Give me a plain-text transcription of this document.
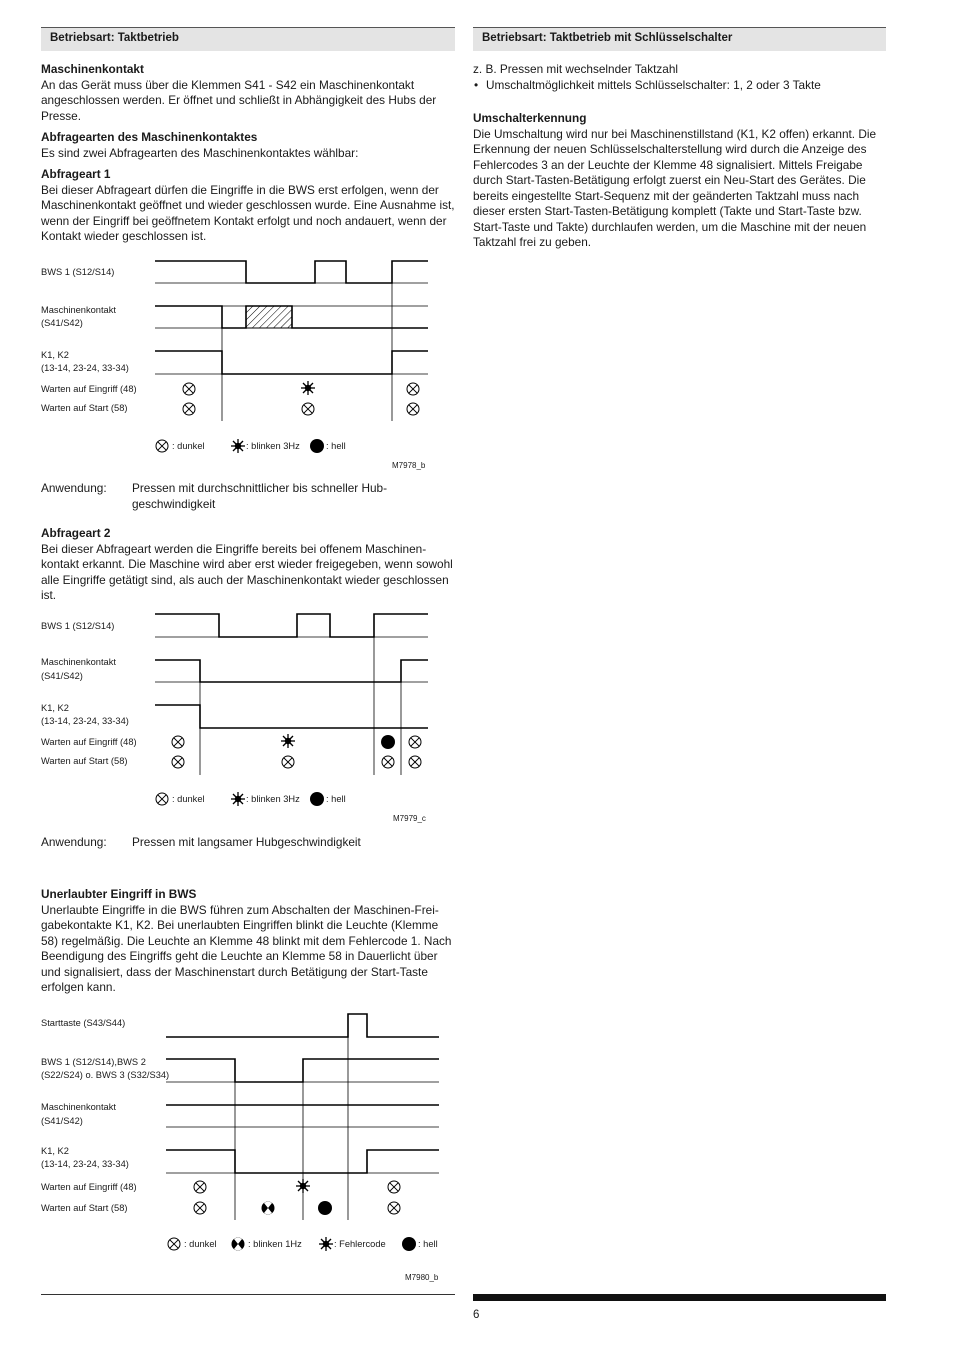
Betriebsart: Taktbetrieb

Maschinenkontakt

An das Gerät muss über die Klemmen S41 - S42 ein Maschinenkontakt angeschlossen werden. Er öffnet und schließt in Abhängigkeit des Hubs der Presse.

Abfragearten des Maschinenkontaktes

Es sind zwei Abfragearten des Maschinenkontaktes wählbar:

Abfrageart 1

Bei dieser Abfrageart dürfen die Eingriffe in die BWS erst erfolgen, wenn der Maschinenkontakt geöffnet und wieder geschlossen wurde. Eine Ausnahme ist, wenn der Eingriff bei geöffnetem Kontakt erfolgt und noch andauert, wenn der Kontakt wieder geschlossen ist.

BWS 1 (S12/S14)
Maschinenkontakt
(S41/S42)
K1, K2
(13-14, 23-24, 33-34)
Warten auf Eingriff (48)
Warten auf Start (58)
: dunkel	: blinken 3Hz	: hell
M7978_b
BWS 1 (S12/S14)
Maschinenkontakt
(S41/S42)
K1, K2
(13-14, 23-24, 33-34)
Warten auf Eingriff (48)
Warten auf Start (58)
: dunkel	: blinken 3Hz	: hell
M7979_c
Starttaste (S43/S44)
BWS 1 (S12/S14),BWS 2
(S22/S24) o. BWS 3 (S32/S34)
Maschinenkontakt
(S41/S42)
K1, K2
(13-14, 23-24, 33-34)
Warten auf Eingriff (48)
Warten auf Start (58)
: dunkel	: blinken 1Hz	: Fehlercode	: hell
M7980_b
Anwendung: Pressen mit durchschnittlicher bis schneller Hub-geschwindigkeit

Abfrageart 2

Bei dieser Abfrageart werden die Eingriffe bereits bei offenem Maschinen-kontakt erkannt. Die Maschine wird aber erst wieder freigegeben, wenn sowohl alle Eingriffe getätigt sind, als auch der Maschinenkontakt wieder geschlossen ist.

Anwendung: Pressen mit langsamer Hubgeschwindigkeit

Unerlaubter Eingriff in BWS

Unerlaubte Eingriffe in die BWS führen zum Abschalten der Maschinen-Frei-gabekontakte K1, K2. Bei unerlaubten Eingriffen blinkt die Leuchte (Klemme 58) regelmäßig. Die Leuchte an Klemme 48 blinkt mit dem Fehlercode 1. Nach Beendigung des Eingriffs geht die Leuchte an Klemme 58 in Dauerlicht über und signalisiert, dass der Maschinenstart durch Betätigung der Start-Taste erfolgen kann.

Betriebsart: Taktbetrieb mit Schlüsselschalter

z. B. Pressen mit wechselnder Taktzahl

• Umschaltmöglichkeit mittels Schlüsselschalter: 1, 2 oder 3 Takte

Umschalterkennung

Die Umschaltung wird nur bei Maschinenstillstand (K1, K2 offen) erkannt. Die Erkennung der neuen Schlüsselschalterstellung wird durch die Anzeige des Fehlercodes 3 an der Leuchte der Klemme 48 signalisiert. Mittels Freigabe durch Start-Tasten-Betätigung erfolgt zuerst ein Neu-Start des Gerätes. Die bereits eingestellte Start-Sequenz mit der geänderten Taktzahl muss nach dieser ersten Start-Tasten-Betätigung komplett (Takte und Start-Taste bzw. Start-Taste und Takte) durchlaufen werden, um die Maschine mit der neuen Taktzahl frei zu geben.

6
